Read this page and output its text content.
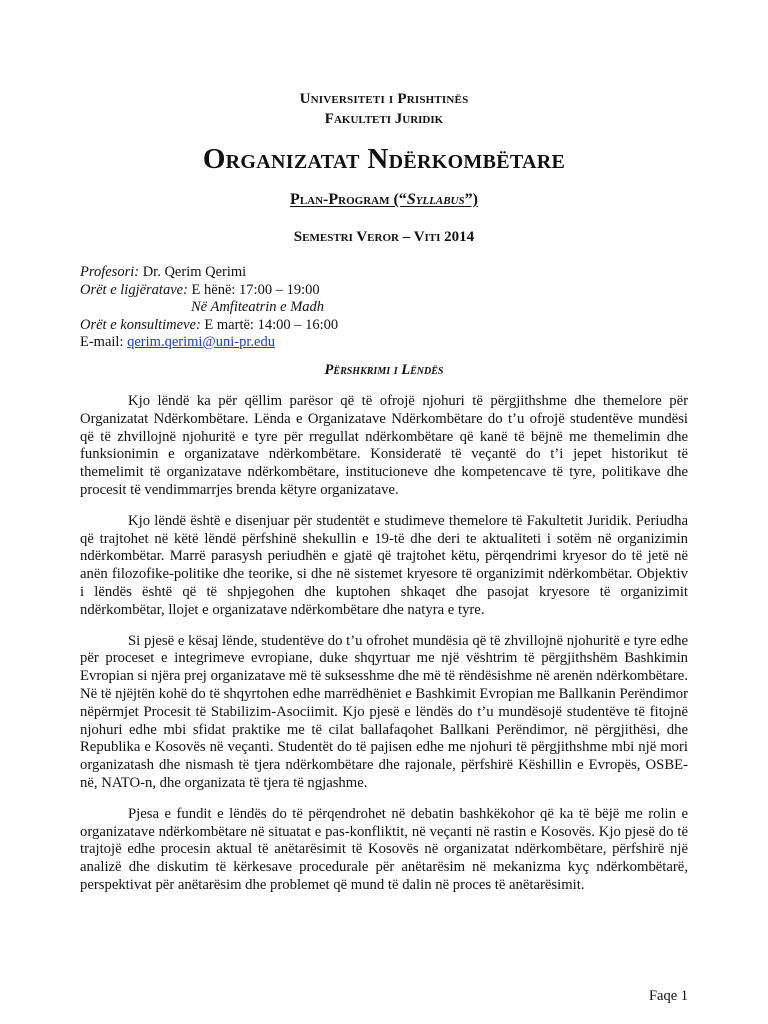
Universiteti i Prishtinës

Fakulteti Juridik

Organizatat Ndërkombëtare

Plan-Program (“Syllabus”)

Semestri Veror – Viti 2014

Profesori: Dr. Qerim Qerimi
Orët e ligjëratave: E hënë: 17:00 – 19:00
Në Amfiteatrin e Madh
Orët e konsultimeve: E martë: 14:00 – 16:00
E-mail: qerim.qerimi@uni-pr.edu

Përshkrimi i Lëndës

Kjo lëndë ka për qëllim parësor që të ofrojë njohuri të përgjithshme dhe themelore për Organizatat Ndërkombëtare. Lënda e Organizatave Ndërkombëtare do t’u ofrojë studentëve mundësi që të zhvillojnë njohuritë e tyre për rregullat ndërkombëtare që kanë të bëjnë me themelimin dhe funksionimin e organizatave ndërkombëtare. Konsideratë të veçantë do t’i jepet historikut të themelimit të organizatave ndërkombëtare, institucioneve dhe kompetencave të tyre, politikave dhe procesit të vendimmarrjes brenda këtyre organizatave.

Kjo lëndë është e disenjuar për studentët e studimeve themelore të Fakultetit Juridik. Periudha që trajtohet në këtë lëndë përfshinë shekullin e 19-të dhe deri te aktualiteti i sotëm në organizimin ndërkombëtar. Marrë parasysh periudhën e gjatë që trajtohet këtu, përqendrimi kryesor do të jetë në anën filozofike-politike dhe teorike, si dhe në sistemet kryesore të organizimit ndërkombëtar. Objektiv i lëndës është që të shpjegohen dhe kuptohen shkaqet dhe pasojat kryesore të organizimit ndërkombëtar, llojet e organizatave ndërkombëtare dhe natyra e tyre.

Si pjesë e kësaj lënde, studentëve do t’u ofrohet mundësia që të zhvillojnë njohuritë e tyre edhe për proceset e integrimeve evropiane, duke shqyrtuar me një vështrim të përgjithshëm Bashkimin Evropian si njëra prej organizatave më të suksesshme dhe më të rëndësishme në arenën ndërkombëtare. Në të njëjtën kohë do të shqyrtohen edhe marrëdhëniet e Bashkimit Evropian me Ballkanin Perëndimor nëpërmjet Procesit të Stabilizim-Asociimit. Kjo pjesë e lëndës do t’u mundësojë studentëve të fitojnë njohuri edhe mbi sfidat praktike me të cilat ballafaqohet Ballkani Perëndimor, në përgjithësi, dhe Republika e Kosovës në veçanti. Studentët do të pajisen edhe me njohuri të përgjithshme mbi një mori organizatash dhe nismash të tjera ndërkombëtare dhe rajonale, përfshirë Këshillin e Evropës, OSBE-në, NATO-n, dhe organizata të tjera të ngjashme.

Pjesa e fundit e lëndës do të përqendrohet në debatin bashkëkohor që ka të bëjë me rolin e organizatave ndërkombëtare në situatat e pas-konfliktit, në veçanti në rastin e Kosovës. Kjo pjesë do të trajtojë edhe procesin aktual të anëtarësimit të Kosovës në organizatat ndërkombëtare, përfshirë një analizë dhe diskutim të kërkesave procedurale për anëtarësim në mekanizma kyç ndërkombëtarë, perspektivat për anëtarësim dhe problemet që mund të dalin në proces të anëtarësimit.

Faqe 1
